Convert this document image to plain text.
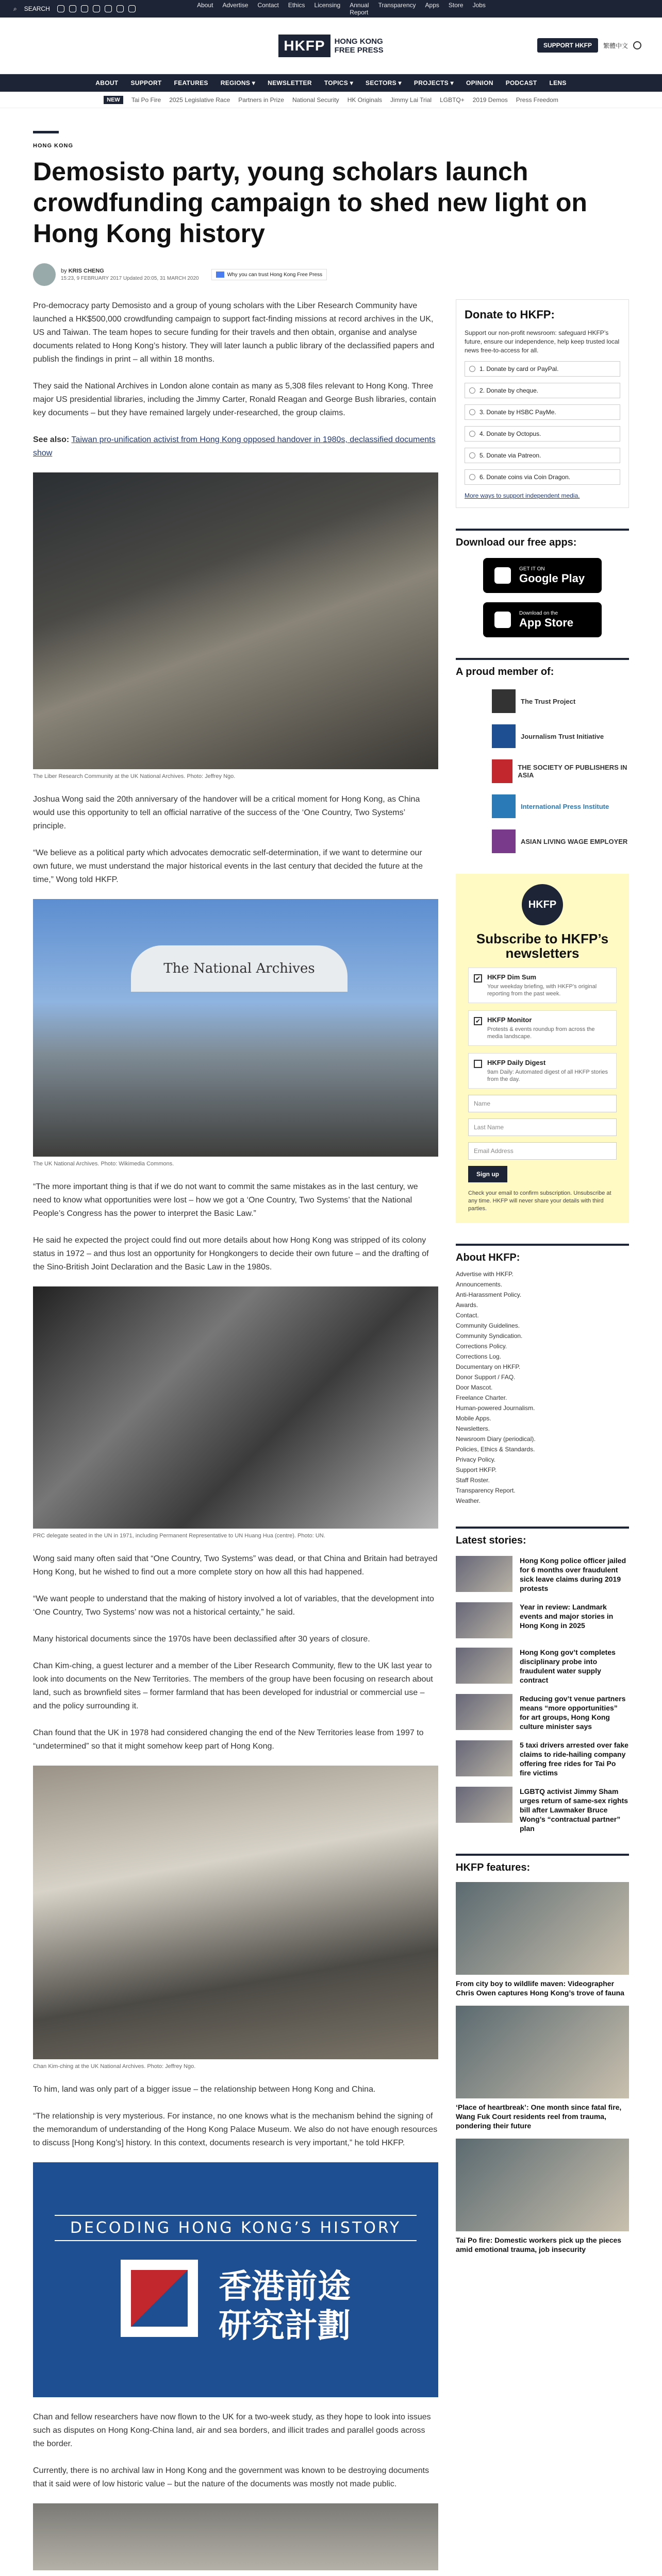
⌕ SEARCH	About Advertise Contact Ethics Licensing Annual Report
Transparency Apps Store Jobs
HKFP	HONG KONG
FREE PRESS
SUPPORT HKFP	繁體中文
ABOUT SUPPORT FEATURES REGIONS ▾ NEWSLETTER TOPICS ▾ SECTORS ▾ PROJECTS ▾ OPINION PODCAST LENS
NEW	Tai Po Fire 2025 Legislative Race Partners in Prize National Security HK Originals Jimmy Lai Trial LGBTQ+ 2019 Demos Press Freedom
HONG KONG
Demosisto party, young scholars launch crowdfunding campaign to shed new light on Hong Kong history
by KRIS CHENG
15:23, 9 FEBRUARY 2017 Updated 20:05, 31 MARCH 2020
Why you can trust Hong Kong Free Press

Pro-democracy party Demosisto and a group of young scholars with the Liber Research Community have launched a HK$500,000 crowdfunding campaign to support fact-finding missions at record archives in the UK, US and Taiwan. The team hopes to secure funding for their travels and then obtain, organise and analyse documents related to Hong Kong’s history. They will later launch a public library of the declassified papers and publish the findings in print – all within 18 months.

They said the National Archives in London alone contain as many as 5,308 files relevant to Hong Kong. Three major US presidential libraries, including the Jimmy Carter, Ronald Reagan and George Bush libraries, contain key documents – but they have remained largely under-researched, the group claims.

See also: Taiwan pro-unification activist from Hong Kong opposed handover in 1980s, declassified documents show

The Liber Research Community at the UK National Archives. Photo: Jeffrey Ngo.

Joshua Wong said the 20th anniversary of the handover will be a critical moment for Hong Kong, as China would use this opportunity to tell an official narrative of the success of the ‘One Country, Two Systems’ principle.

“We believe as a political party which advocates democratic self-determination, if we want to determine our own future, we must understand the major historical events in the last century that decided the future at the time,” Wong told HKFP.

The National Archives
The UK National Archives. Photo: Wikimedia Commons.

“The more important thing is that if we do not want to commit the same mistakes as in the last century, we need to know what opportunities were lost – how we got a ‘One Country, Two Systems’ that the National People’s Congress has the power to interpret the Basic Law.”

He said he expected the project could find out more details about how Hong Kong was stripped of its colony status in 1972 – and thus lost an opportunity for Hongkongers to decide their own future – and the drafting of the Sino-British Joint Declaration and the Basic Law in the 1980s.

PRC delegate seated in the UN in 1971, including Permanent Representative to UN Huang Hua (centre). Photo: UN.

Wong said many often said that “One Country, Two Systems” was dead, or that China and Britain had betrayed Hong Kong, but he wished to find out a more complete story on how all this had happened.

“We want people to understand that the making of history involved a lot of variables, that the development into ‘One Country, Two Systems’ now was not a historical certainty,” he said.

Many historical documents since the 1970s have been declassified after 30 years of closure.

Chan Kim-ching, a guest lecturer and a member of the Liber Research Community, flew to the UK last year to look into documents on the New Territories. The members of the group have been focusing on research about land, such as brownfield sites – former farmland that has been developed for industrial or commercial use – and the policy surrounding it.

Chan found that the UK in 1978 had considered changing the end of the New Territories lease from 1997 to “undetermined” so that it might somehow keep part of Hong Kong.

Chan Kim-ching at the UK National Archives. Photo: Jeffrey Ngo.

To him, land was only part of a bigger issue – the relationship between Hong Kong and China.

“The relationship is very mysterious. For instance, no one knows what is the mechanism behind the signing of the memorandum of understanding of the Hong Kong Palace Museum. We also do not have enough resources to discuss [Hong Kong’s] history. In this context, documents research is very important,” he told HKFP.

DECODING HONG KONG’S HISTORY
香港前途
研究計劃

Chan and fellow researchers have now flown to the UK for a two-week study, as they hope to look into issues such as disputes on Hong Kong-China land, air and sea borders, and illicit trades and parallel goods across the border.

Currently, there is no archival law in Hong Kong and the government was known to be destroying documents that it said were of low historic value – but the nature of the documents was mostly not made public.

Donate to HKFP:

Support our non-profit newsroom: safeguard HKFP’s future, ensure our independence, help keep trusted local news free-to-access for all.

1. Donate by card or PayPal.
2. Donate by cheque.
3. Donate by HSBC PayMe.
4. Donate by Octopus.
5. Donate via Patreon.
6. Donate coins via Coin Dragon.
More ways to support independent media.
Download our free apps:
GET IT ON
Google Play
Download on the
App Store
A proud member of:
The Trust Project
Journalism Trust Initiative
THE SOCIETY OF PUBLISHERS IN ASIA
International Press Institute
ASIAN LIVING WAGE EMPLOYER
HKFP
Subscribe to HKFP’s newsletters
✔
HKFP Dim Sum
Your weekday briefing, with HKFP’s original reporting from the past week.
✔
HKFP Monitor
Protests & events roundup from across the media landscape.
HKFP Daily Digest
9am Daily: Automated digest of all HKFP stories from the day.
Name
Last Name
Email Address
Sign up
Check your email to confirm subscription. Unsubscribe at any time. HKFP will never share your details with third parties.
About HKFP:
Advertise with HKFP.
Announcements.
Anti-Harassment Policy.
Awards.
Contact.
Community Guidelines.
Community Syndication.
Corrections Policy.
Corrections Log.
Documentary on HKFP.
Donor Support / FAQ.
Door Mascot.
Freelance Charter.
Human-powered Journalism.
Mobile Apps.
Newsletters.
Newsroom Diary (periodical).
Policies, Ethics & Standards.
Privacy Policy.
Support HKFP.
Staff Roster.
Transparency Report.
Weather.
Latest stories:
Hong Kong police officer jailed for 6 months over fraudulent sick leave claims during 2019 protests
Year in review: Landmark events and major stories in Hong Kong in 2025
Hong Kong gov’t completes disciplinary probe into fraudulent water supply contract
Reducing gov’t venue partners means “more opportunities” for art groups, Hong Kong culture minister says
5 taxi drivers arrested over fake claims to ride-hailing company offering free rides for Tai Po fire victims
LGBTQ activist Jimmy Sham urges return of same-sex rights bill after Lawmaker Bruce Wong’s “contractual partner” plan
HKFP features:
From city boy to wildlife maven: Videographer Chris Owen captures Hong Kong’s trove of fauna
‘Place of heartbreak’: One month since fatal fire, Wang Fuk Court residents reel from trauma, pondering their future
Tai Po fire: Domestic workers pick up the pieces amid emotional trauma, job insecurity
